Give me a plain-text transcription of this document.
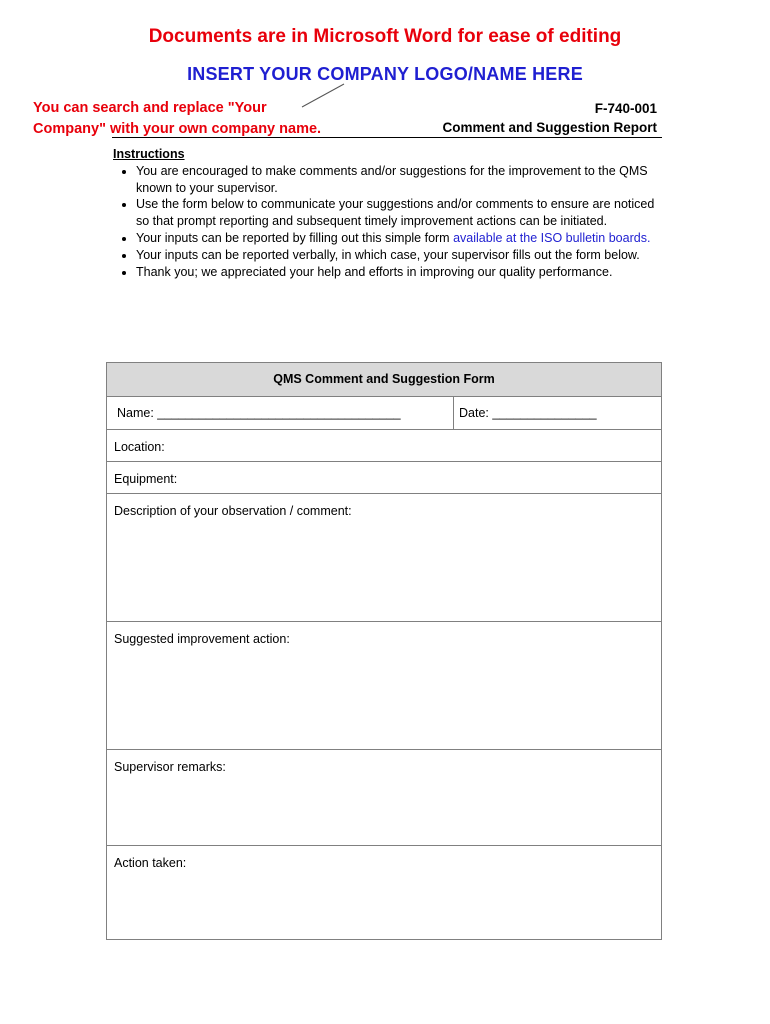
Documents are in Microsoft Word for ease of editing
INSERT YOUR COMPANY LOGO/NAME HERE
You can search and replace "Your
Company" with your own company name.
F-740-001
Comment and Suggestion Report
Instructions
• You are encouraged to make comments and/or suggestions for the improvement to the QMS known to your supervisor.
• Use the form below to communicate your suggestions and/or comments to ensure are noticed so that prompt reporting and subsequent timely improvement actions can be initiated.
• Your inputs can be reported by filling out this simple form available at the ISO bulletin boards.
• Your inputs can be reported verbally, in which case, your supervisor fills out the form below.
• Thank you; we appreciated your help and efforts in improving our quality performance.
QMS Comment and Suggestion Form
Name: ___________________________________	Date: _______________
Location:
Equipment:
Description of your observation / comment:
Suggested improvement action:
Supervisor remarks:
Action taken:
